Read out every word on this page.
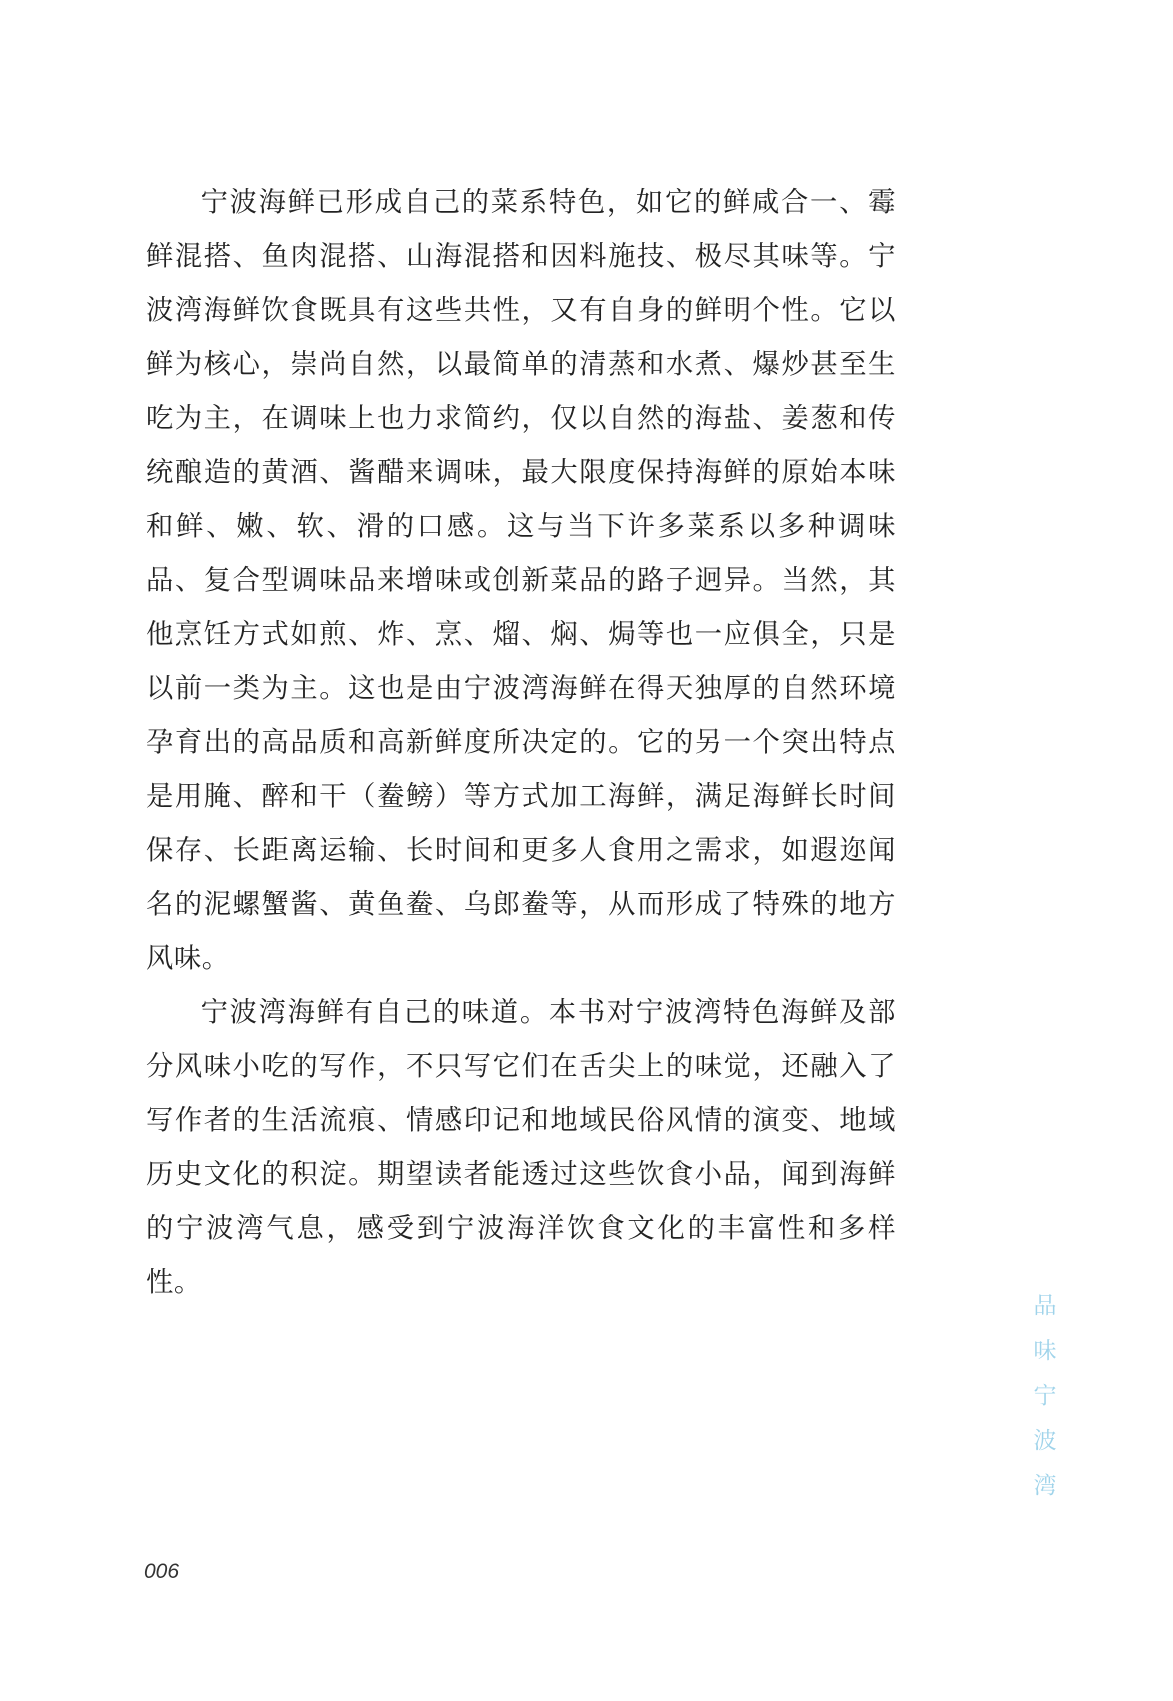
宁波海鲜已形成自己的菜系特色，如它的鲜咸合一、霉鲜混搭、鱼肉混搭、山海混搭和因料施技、极尽其味等。宁波湾海鲜饮食既具有这些共性，又有自身的鲜明个性。它以鲜为核心，崇尚自然，以最简单的清蒸和水煮、爆炒甚至生吃为主，在调味上也力求简约，仅以自然的海盐、姜葱和传统酿造的黄酒、酱醋来调味，最大限度保持海鲜的原始本味和鲜、嫩、软、滑的口感。这与当下许多菜系以多种调味品、复合型调味品来增味或创新菜品的路子迥异。当然，其他烹饪方式如煎、炸、烹、熘、焖、焗等也一应俱全，只是以前一类为主。这也是由宁波湾海鲜在得天独厚的自然环境孕育出的高品质和高新鲜度所决定的。它的另一个突出特点是用腌、醉和干（鲞鳑）等方式加工海鲜，满足海鲜长时间保存、长距离运输、长时间和更多人食用之需求，如遐迩闻名的泥螺蟹酱、黄鱼鲞、乌郎鲞等，从而形成了特殊的地方风味。

宁波湾海鲜有自己的味道。本书对宁波湾特色海鲜及部分风味小吃的写作，不只写它们在舌尖上的味觉，还融入了写作者的生活流痕、情感印记和地域民俗风情的演变、地域历史文化的积淀。期望读者能透过这些饮食小品，闻到海鲜的宁波湾气息，感受到宁波海洋饮食文化的丰富性和多样性。

品
味
宁
波
湾
006
